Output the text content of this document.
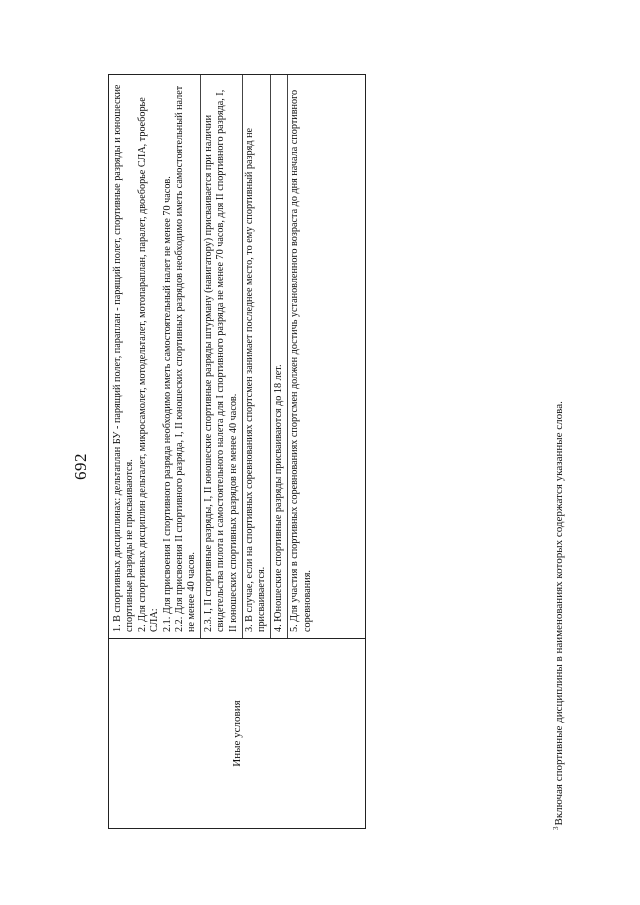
692
Иные условия

1. В спортивных дисциплинах: дельтаплан БУ - парящий полет, параплан - парящий полет, спортивные разряды и юношеские спортивные разряды не присваиваются. 2. Для спортивных дисциплин дельталет, микросамолет, мотодельталет, мотопараплан, паралет, двоеборье СЛА, троеборье СЛА: 2.1. Для присвоения I спортивного разряда необходимо иметь самостоятельный налет не менее 70 часов. 2.2. Для присвоения II спортивного разряда, I, II юношеских спортивных разрядов необходимо иметь самостоятельный налет не менее 40 часов. 2.3. I, II спортивные разряды, I, II юношеские спортивные разряды штурману (навигатору) присваивается при наличии свидетельства пилота и самостоятельного налета для I спортивного разряда не менее 70 часов, для II спортивного разряда, I, II юношеских спортивных разрядов не менее 40 часов. 3. В случае, если на спортивных соревнованиях спортсмен занимает последнее место, то ему спортивный разряд не присваивается. 4. Юношеские спортивные разряды присваиваются до 18 лет. 5. Для участия в спортивных соревнованиях спортсмен должен достичь установленного возраста до дня начала спортивного соревнования.

$^3$Включая спортивные дисциплины в наименованиях которых содержатся указанные слова.
